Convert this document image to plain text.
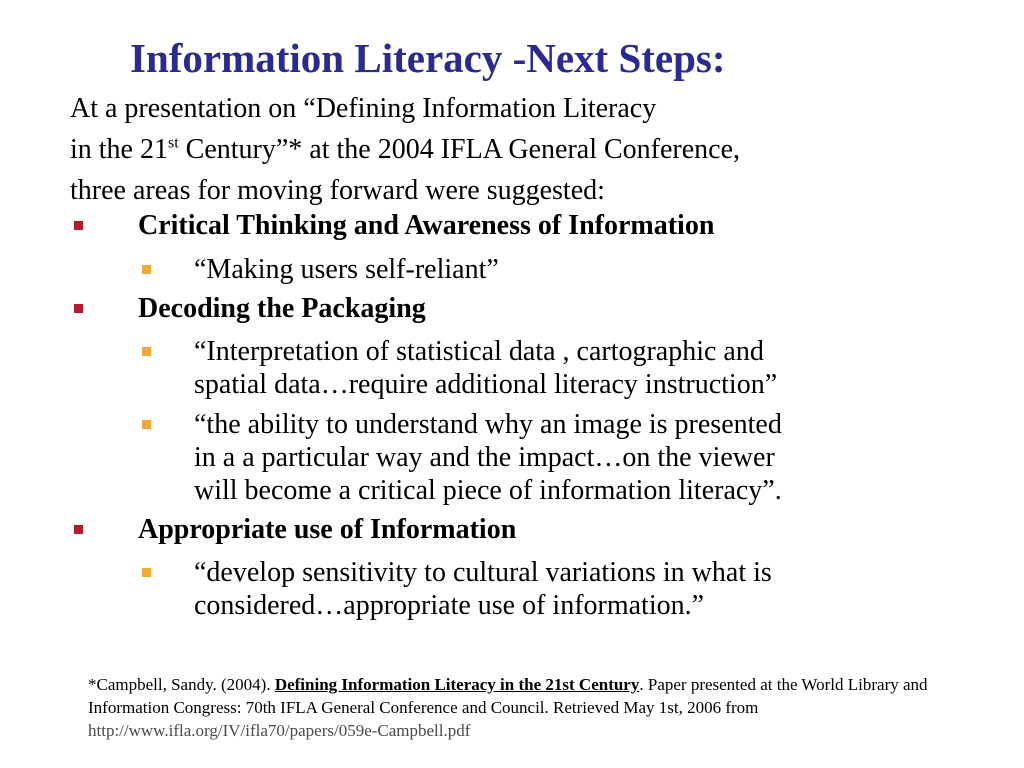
Information Literacy -Next Steps:
At a presentation on “Defining Information Literacy
in the 21st Century”* at the 2004 IFLA General Conference,
three areas for moving forward were suggested:
Critical Thinking and Awareness of Information
“Making users self-reliant”
Decoding the Packaging
“Interpretation of statistical data , cartographic and
spatial data…require additional literacy instruction”
“the ability to understand why an image is presented
in a a particular way and the impact…on the viewer
will become a critical piece of information literacy”.
Appropriate use of Information
“develop sensitivity to cultural variations in what is
considered…appropriate use of information.”
*Campbell, Sandy. (2004). Defining Information Literacy in the 21st Century. Paper presented at the World Library and Information Congress: 70th IFLA General Conference and Council. Retrieved May 1st, 2006 from http://www.ifla.org/IV/ifla70/papers/059e-Campbell.pdf
